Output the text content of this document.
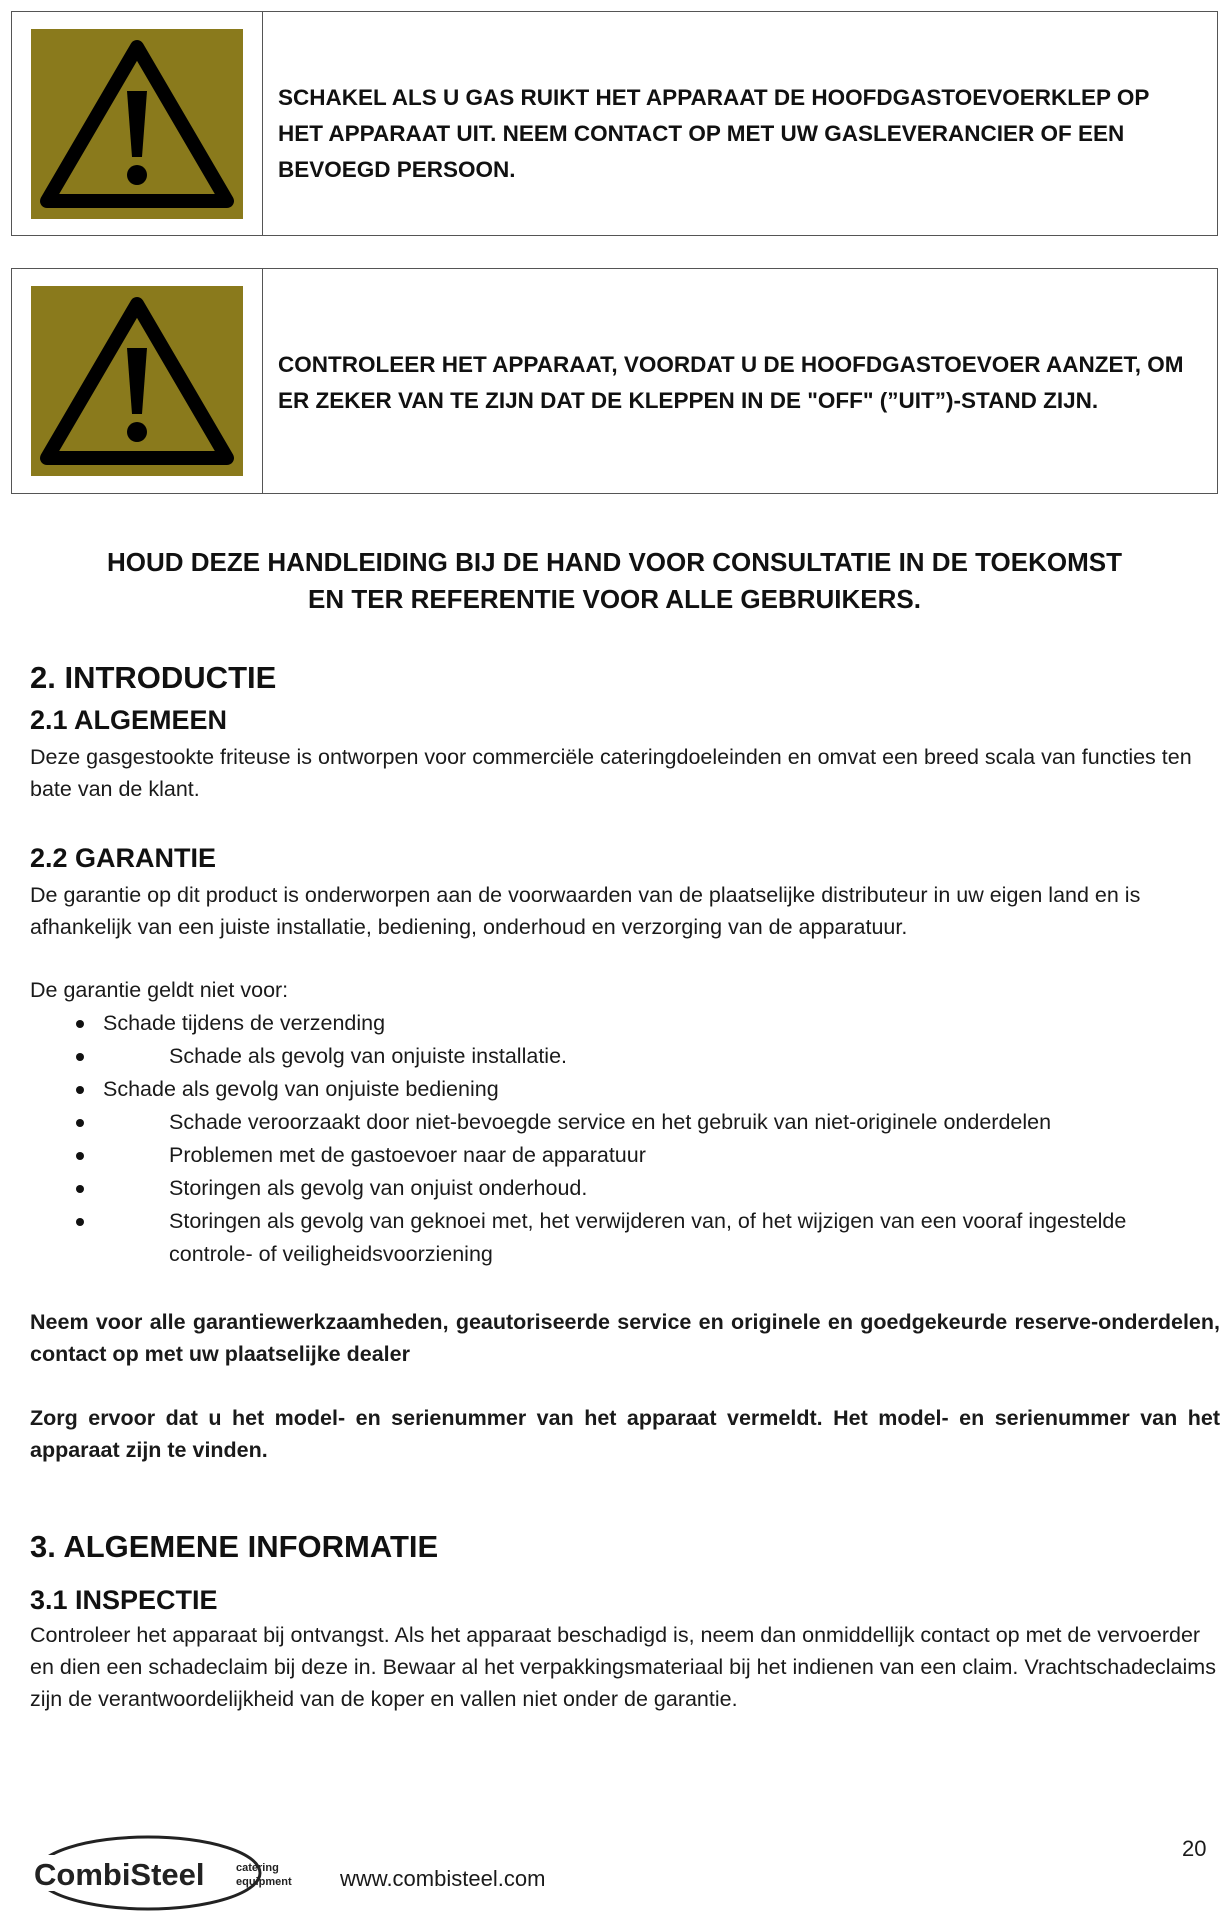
SCHAKEL ALS U GAS RUIKT HET APPARAAT DE HOOFDGASTOEVOERKLEP OP HET APPARAAT UIT. NEEM CONTACT OP MET UW GASLEVERANCIER OF EEN BEVOEGD PERSOON.
CONTROLEER HET APPARAAT, VOORDAT U DE HOOFDGASTOEVOER AANZET, OM ER ZEKER VAN TE ZIJN DAT DE KLEPPEN IN DE "OFF" (”UIT”)-STAND ZIJN.
HOUD DEZE HANDLEIDING BIJ DE HAND VOOR CONSULTATIE IN DE TOEKOMST
EN TER REFERENTIE VOOR ALLE GEBRUIKERS.
2. INTRODUCTIE
2.1 ALGEMEEN
Deze gasgestookte friteuse is ontworpen voor commerciële cateringdoeleinden en omvat een breed scala van functies ten bate van de klant.
2.2 GARANTIE
De garantie op dit product is onderworpen aan de voorwaarden van de plaatselijke distributeur in uw eigen land en is afhankelijk van een juiste installatie, bediening, onderhoud en verzorging van de apparatuur.
De garantie geldt niet voor:
Schade tijdens de verzending
Schade als gevolg van onjuiste installatie.
Schade als gevolg van onjuiste bediening
Schade veroorzaakt door niet-bevoegde service en het gebruik van niet-originele onderdelen
Problemen met de gastoevoer naar de apparatuur
Storingen als gevolg van onjuist onderhoud.
Storingen als gevolg van geknoei met, het verwijderen van, of het wijzigen van een vooraf ingestelde
controle- of veiligheidsvoorziening
Neem voor alle garantiewerkzaamheden, geautoriseerde service en originele en goedgekeurde reserve-onderdelen, contact op met uw plaatselijke dealer
Zorg ervoor dat u het model- en serienummer van het apparaat vermeldt. Het model- en serienummer van het apparaat zijn te vinden.
3. ALGEMENE INFORMATIE
3.1 INSPECTIE
Controleer het apparaat bij ontvangst. Als het apparaat beschadigd is, neem dan onmiddellijk contact op met de vervoerder en dien een schadeclaim bij deze in. Bewaar al het verpakkingsmateriaal bij het indienen van een claim. Vrachtschadeclaims zijn de verantwoordelijkheid van de koper en vallen niet onder de garantie.
CombiSteel	catering
equipment www.combisteel.com
20
